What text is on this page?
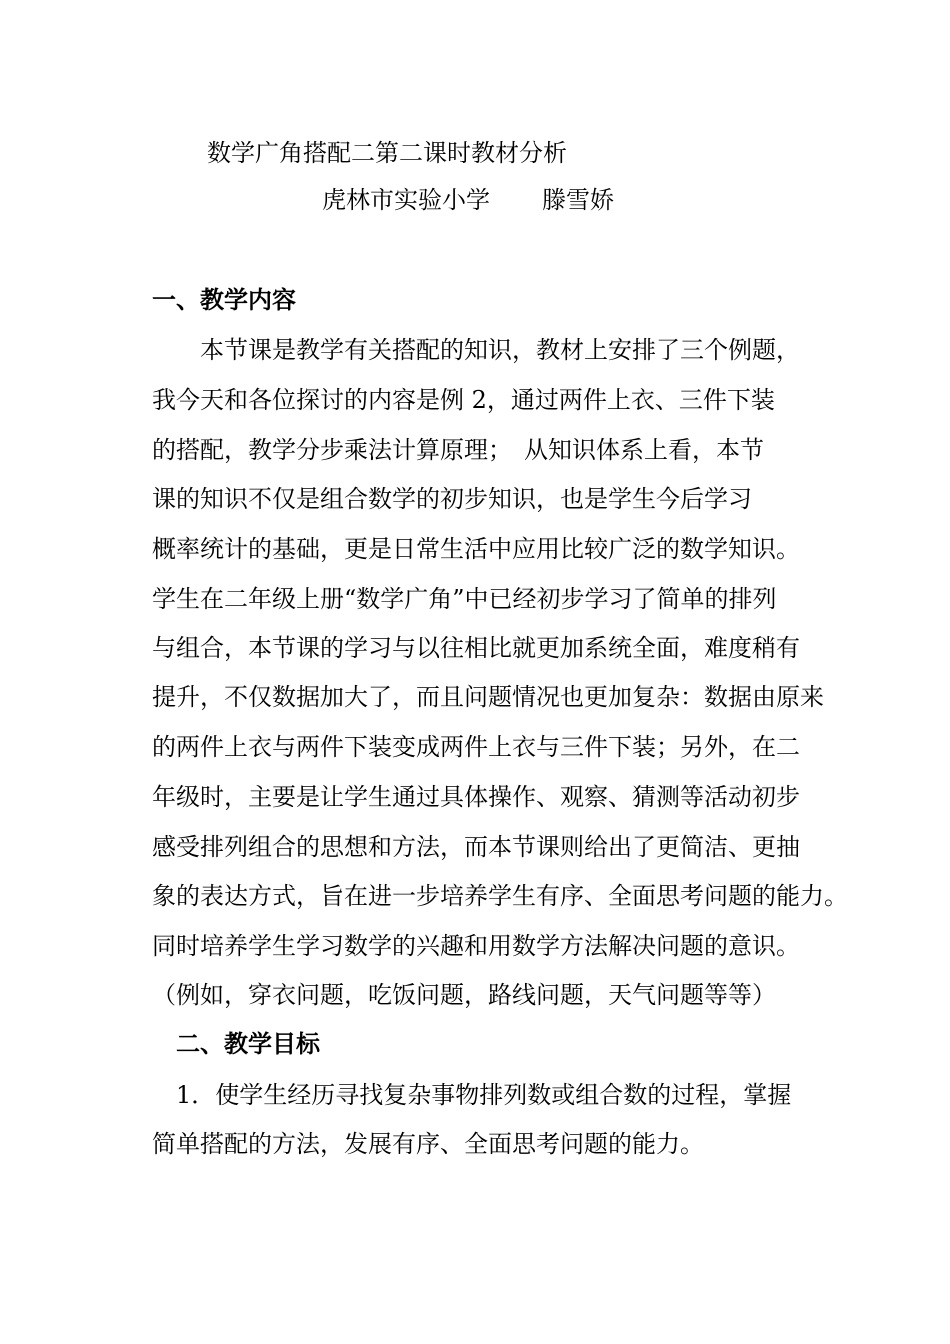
数学广角搭配二第二课时教材分析
虎林市实验小学 滕雪娇
一、教学内容
　　本节课是教学有关搭配的知识，教材上安排了三个例题，
我今天和各位探讨的内容是例 2，通过两件上衣、三件下装
的搭配，教学分步乘法计算原理；　从知识体系上看，本节
课的知识不仅是组合数学的初步知识，也是学生今后学习
概率统计的基础，更是日常生活中应用比较广泛的数学知识。
学生在二年级上册“数学广角”中已经初步学习了简单的排列
与组合，本节课的学习与以往相比就更加系统全面，难度稍有
提升，不仅数据加大了，而且问题情况也更加复杂：数据由原来
的两件上衣与两件下装变成两件上衣与三件下装；另外，在二
年级时，主要是让学生通过具体操作、观察、猜测等活动初步
感受排列组合的思想和方法，而本节课则给出了更简洁、更抽
象的表达方式，旨在进一步培养学生有序、全面思考问题的能力。
同时培养学生学习数学的兴趣和用数学方法解决问题的意识。
（例如，穿衣问题，吃饭问题，路线问题，天气问题等等）
二、教学目标
　1．使学生经历寻找复杂事物排列数或组合数的过程，掌握
简单搭配的方法，发展有序、全面思考问题的能力。
